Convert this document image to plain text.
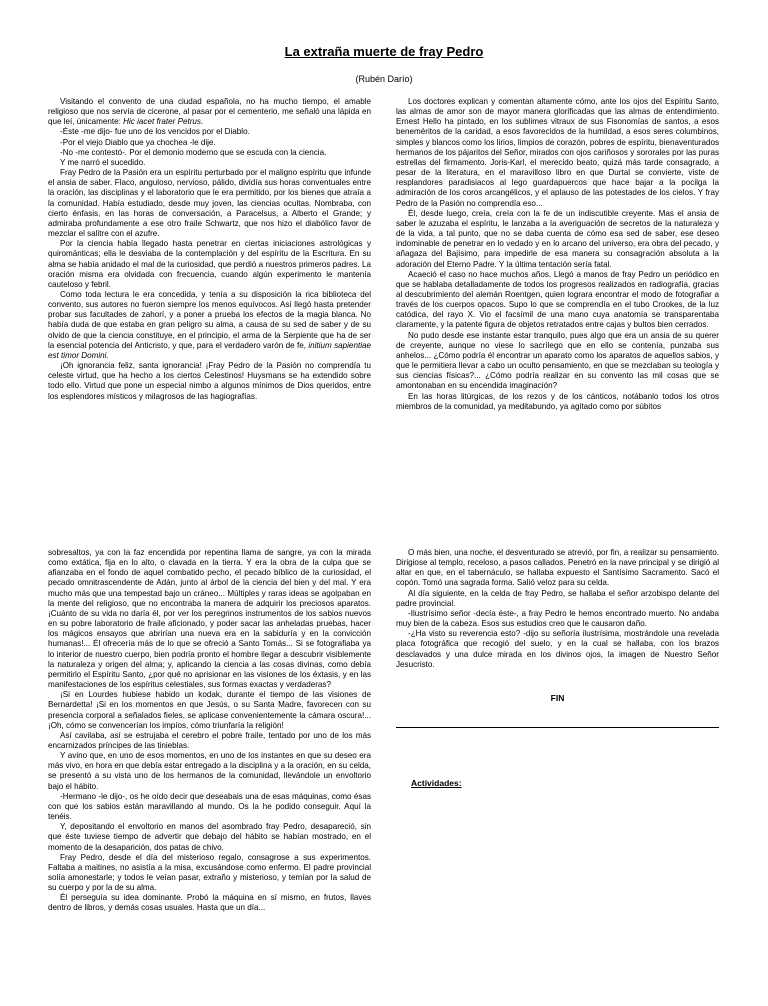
La extraña muerte de fray Pedro
(Rubén Darío)

Visitando el convento de una ciudad española, no ha mucho tiempo, el amable religioso que nos servía de cicerone, al pasar por el cementerio, me señaló una lápida en que leí, únicamente: Hic iacet frater Petrus.

-Éste -me dijo- fue uno de los vencidos por el Diablo.

-Por el viejo Diablo que ya chochea -le dije.

-No -me contestó-. Por el demonio moderno que se escuda con la ciencia.

Y me narró el sucedido.

Fray Pedro de la Pasión era un espíritu perturbado por el maligno espíritu que infunde el ansia de saber. Flaco, anguloso, nervioso, pálido, dividía sus horas conventuales entre la oración, las disciplinas y el laboratorio que le era permitido, por los bienes que atraía a la comunidad. Había estudiado, desde muy joven, las ciencias ocultas. Nombraba, con cierto énfasis, en las horas de conversación, a Paracelsus, a Alberto el Grande; y admiraba profundamente a ese otro fraile Schwartz, que nos hizo el diabólico favor de mezclar el salitre con el azufre.

Por la ciencia había llegado hasta penetrar en ciertas iniciaciones astrológicas y quirománticas; ella le desviaba de la contemplación y del espíritu de la Escritura. En su alma se había anidado el mal de la curiosidad, que perdió a nuestros primeros padres. La oración misma era olvidada con frecuencia, cuando algún experimento le mantenía cauteloso y febril.

Como toda lectura le era concedida, y tenía a su disposición la rica biblioteca del convento, sus autores no fueron siempre los menos equívocos. Así llegó hasta pretender probar sus facultades de zahorí, y a poner a prueba los efectos de la magia blanca. No había duda de que estaba en gran peligro su alma, a causa de su sed de saber y de su olvido de que la ciencia constituye, en el principio, el arma de la Serpiente que ha de ser la esencial potencia del Anticristo, y que, para el verdadero varón de fe, initium sapientiae est timor Domini.

¡Oh ignorancia feliz, santa ignorancia! ¡Fray Pedro de la Pasión no comprendía tu celeste virtud, que ha hecho a los ciertos Celestinos! Huysmans se ha extendido sobre todo ello. Virtud que pone un especial nimbo a algunos mínimos de Dios queridos, entre los esplendores místicos y milagrosos de las hagiografías.

Los doctores explican y comentan altamente cómo, ante los ojos del Espíritu Santo, las almas de amor son de mayor manera glorificadas que las almas de entendimiento. Ernest Hello ha pintado, en los sublimes vitraux de sus Fisonomías de santos, a esos beneméritos de la caridad, a esos favorecidos de la humildad, a esos seres columbinos, simples y blancos como los lirios, limpios de corazón, pobres de espíritu, bienaventurados hermanos de los pájaritos del Señor, mirados con ojos cariñosos y sororales por las puras estrellas del firmamento. Joris-Karl, el merecido beato, quizá más tarde consagrado, a pesar de la literatura, en el maravilloso libro en que Durtal se convierte, viste de resplandores paradisiacos al lego guardapuercos que hace bajar a la pocilga la admiración de los coros arcangélicos, y el aplauso de las potestades de los cielos. Y fray Pedro de la Pasión no comprendía eso...

Él, desde luego, creía, creía con la fe de un indiscutible creyente. Mas el ansia de saber le azuzaba el espíritu, le lanzaba a la averiguación de secretos de la naturaleza y de la vida, a tal punto, que no se daba cuenta de cómo esa sed de saber, ese deseo indominable de penetrar en lo vedado y en lo arcano del universo, era obra del pecado, y añagaza del Bajísimo, para impedirle de esa manera su consagración absoluta a la adoración del Eterno Padre. Y la última tentación sería fatal.

Acaeció el caso no hace muchos años. Llegó a manos de fray Pedro un periódico en que se hablaba detalladamente de todos los progresos realizados en radiografía, gracias al descubrimiento del alemán Roentgen, quien lograra encontrar el modo de fotografiar a través de los cuerpos opacos. Supo lo que se comprendía en el tubo Crookes, de la luz catódica, del rayo X. Vio el facsímil de una mano cuya anatomía se transparentaba claramente, y la patente figura de objetos retratados entre cajas y bultos bien cerrados.

No pudo desde ese instante estar tranquilo, pues algo que era un ansia de su querer de creyente, aunque no viese lo sacrílego que en ello se contenía, punzaba sus anhelos... ¿Cómo podría él encontrar un aparato como los aparatos de aquellos sabios, y que le permitiera llevar a cabo un oculto pensamiento, en que se mezclaban su teología y sus ciencias físicas?... ¿Cómo podría realizar en su convento las mil cosas que se amontonaban en su encendida imaginación?

En las horas litúrgicas, de los rezos y de los cánticos, notábanlo todos los otros miembros de la comunidad, ya meditabundo, ya agitado como por súbitos

sobresaltos, ya con la faz encendida por repentina llama de sangre, ya con la mirada como extática, fija en lo alto, o clavada en la tierra. Y era la obra de la culpa que se afianzaba en el fondo de aquel combatido pecho, el pecado bíblico de la curiosidad, el pecado omnitrascendente de Adán, junto al árbol de la ciencia del bien y del mal. Y era mucho más que una tempestad bajo un cráneo... Múltiples y raras ideas se agolpaban en la mente del religioso, que no encontraba la manera de adquirir los preciosos aparatos. ¡Cuánto de su vida no daría él, por ver los peregrinos instrumentos de los sabios nuevos en su pobre laboratorio de fraile aficionado, y poder sacar las anheladas pruebas, hacer los mágicos ensayos que abrirían una nueva era en la sabiduría y en la convicción humanas!... Él ofrecería más de lo que se ofreció a Santo Tomás... Si se fotografiaba ya lo interior de nuestro cuerpo, bien podría pronto el hombre llegar a descubrir visiblemente la naturaleza y origen del alma; y, aplicando la ciencia a las cosas divinas, como debía permitirlo el Espíritu Santo, ¿por qué no aprisionar en las visiones de los éxtasis, y en las manifestaciones de los espíritus celestiales, sus formas exactas y verdaderas?

¡Si en Lourdes hubiese habido un kodak, durante el tiempo de las visiones de Bernardetta! ¡Si en los momentos en que Jesús, o su Santa Madre, favorecen con su presencia corporal a señalados fieles, se aplicase convenientemente la cámara oscura!... ¡Oh, cómo se convencerían los impíos, cómo triunfaría la religión!

Así cavilaba, así se estrujaba el cerebro el pobre fraile, tentado por uno de los más encarnizados príncipes de las tinieblas.

Y avino que, en uno de esos momentos, en uno de los instantes en que su deseo era más vivo, en hora en que debía estar entregado a la disciplina y a la oración, en su celda, se presentó a su vista uno de los hermanos de la comunidad, llevándole un envoltorio bajo el hábito.

-Hermano -le dijo-, os he oído decir que deseabais una de esas máquinas, como ésas con que los sabios están maravillando al mundo. Os la he podido conseguir. Aquí la tenéis.

Y, depositando el envoltorio en manos del asombrado fray Pedro, desapareció, sin que éste tuviese tiempo de advertir que debajo del hábito se habían mostrado, en el momento de la desaparición, dos patas de chivo.

Fray Pedro, desde el día del misterioso regalo, consagrose a sus experimentos. Faltaba a maitines, no asistía a la misa, excusándose como enfermo. El padre provincial solía amonestarle; y todos le veían pasar, extraño y misterioso, y temían por la salud de su cuerpo y por la de su alma.

Él perseguía su idea dominante. Probó la máquina en sí mismo, en frutos, llaves dentro de libros, y demás cosas usuales. Hasta que un día...

O más bien, una noche, el desventurado se atrevió, por fin, a realizar su pensamiento. Dirigiose al templo, receloso, a pasos callados. Penetró en la nave principal y se dirigió al altar en que, en el tabernáculo, se hallaba expuesto el Santísimo Sacramento. Sacó el copón. Tomó una sagrada forma. Salió veloz para su celda.

Al día siguiente, en la celda de fray Pedro, se hallaba el señor arzobispo delante del padre provincial.

-Ilustrísimo señor -decía éste-, a fray Pedro le hemos encontrado muerto. No andaba muy bien de la cabeza. Esos sus estudios creo que le causaron daño.

-¿Ha visto su reverencia esto? -dijo su señoría ilustrísima, mostrándole una revelada placa fotográfica que recogió del suelo, y en la cual se hallaba, con los brazos desclavados y una dulce mirada en los divinos ojos, la imagen de Nuestro Señor Jesucristo.

FIN
Actividades:
